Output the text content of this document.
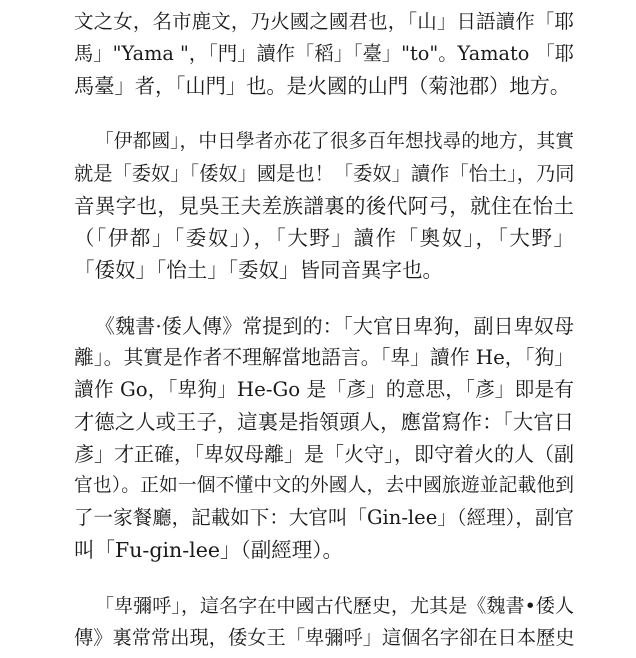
文之女，名市鹿文，乃火國之國君也，「山」日語讀作「耶
馬」"Yama "，「門」讀作「稻」「臺」"to"。Yamato 「耶
馬臺」者，「山門」也。是火國的山門（菊池郡）地方。
「伊都國」，中日學者亦花了很多百年想找尋的地方，其實
就是「委奴」「倭奴」國是也！「委奴」讀作「怡土」，乃同
音異字也，見吳王夫差族譜裏的後代阿弓，就住在怡土
（「伊都」「委奴」），「大野」讀作「奧奴」，「大野」
「倭奴」「怡土」「委奴」皆同音異字也。
《魏書·倭人傳》常提到的：「大官日卑狗，副日卑奴母
離」。其實是作者不理解當地語言。「卑」讀作 He，「狗」
讀作 Go，「卑狗」He-Go 是「彥」的意思，「彥」即是有
才德之人或王子，這裏是指領頭人，應當寫作：「大官日
彥」才正確，「卑奴母離」是「火守」，即守着火的人（副
官也）。正如一個不懂中文的外國人，去中國旅遊並記載他到
了一家餐廳，記載如下：大官叫「Gin-lee」（經理），副官
叫「Fu-gin-lee」（副經理）。
「卑彌呼」，這名字在中國古代歷史，尤其是《魏書•倭人
傳》裏常常出現，倭女王「卑彌呼」這個名字卻在日本歷史
